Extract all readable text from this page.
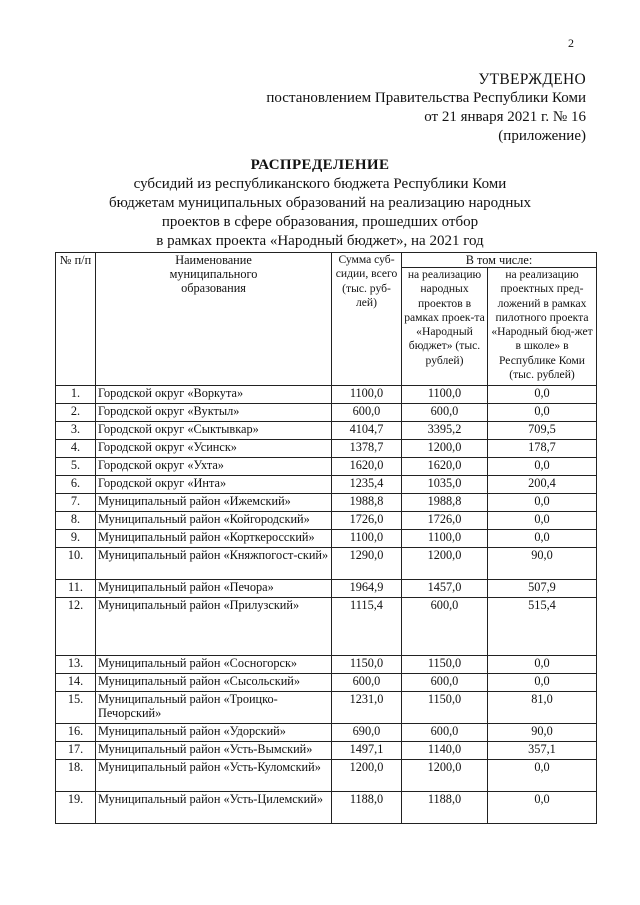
2
УТВЕРЖДЕНО
постановлением Правительства Республики Коми
от 21 января 2021 г. № 16
(приложение)
РАСПРЕДЕЛЕНИЕ
субсидий из республиканского бюджета Республики Коми
бюджетам муниципальных образований на реализацию народных
проектов в сфере образования, прошедших отбор
в рамках проекта «Народный бюджет», на 2021 год
№ п/п	Наименование муниципального образования	Сумма суб-сидии, всего (тыс. руб-лей)	В том числе:	
			на реализацию народных проектов в рамках проек-та «Народный бюджет» (тыс. рублей)	на реализацию проектных пред-ложений в рамках пилотного проекта «Народный бюд-жет в школе» в Республике Коми (тыс. рублей)
1.	Городской округ «Воркута»	1100,0	1100,0	0,0
2.	Городской округ «Вуктыл»	600,0	600,0	0,0
3.	Городской округ «Сыктывкар»	4104,7	3395,2	709,5
4.	Городской округ «Усинск»	1378,7	1200,0	178,7
5.	Городской округ «Ухта»	1620,0	1620,0	0,0
6.	Городской округ «Инта»	1235,4	1035,0	200,4
7.	Муниципальный район «Ижемский»	1988,8	1988,8	0,0
8.	Муниципальный район «Койгородский»	1726,0	1726,0	0,0
9.	Муниципальный район «Корткеросский»	1100,0	1100,0	0,0
10.	Муниципальный район «Княжпогост-ский»	1290,0	1200,0	90,0
11.	Муниципальный район «Печора»	1964,9	1457,0	507,9
12.	Муниципальный район «Прилузский»	1115,4	600,0	515,4
13.	Муниципальный район «Сосногорск»	1150,0	1150,0	0,0
14.	Муниципальный район «Сысольский»	600,0	600,0	0,0
15.	Муниципальный район «Троицко-Печорский»	1231,0	1150,0	81,0
16.	Муниципальный район «Удорский»	690,0	600,0	90,0
17.	Муниципальный район «Усть-Вымский»	1497,1	1140,0	357,1
18.	Муниципальный район «Усть-Куломский»	1200,0	1200,0	0,0
19.	Муниципальный район «Усть-Цилемский»	1188,0	1188,0	0,0
